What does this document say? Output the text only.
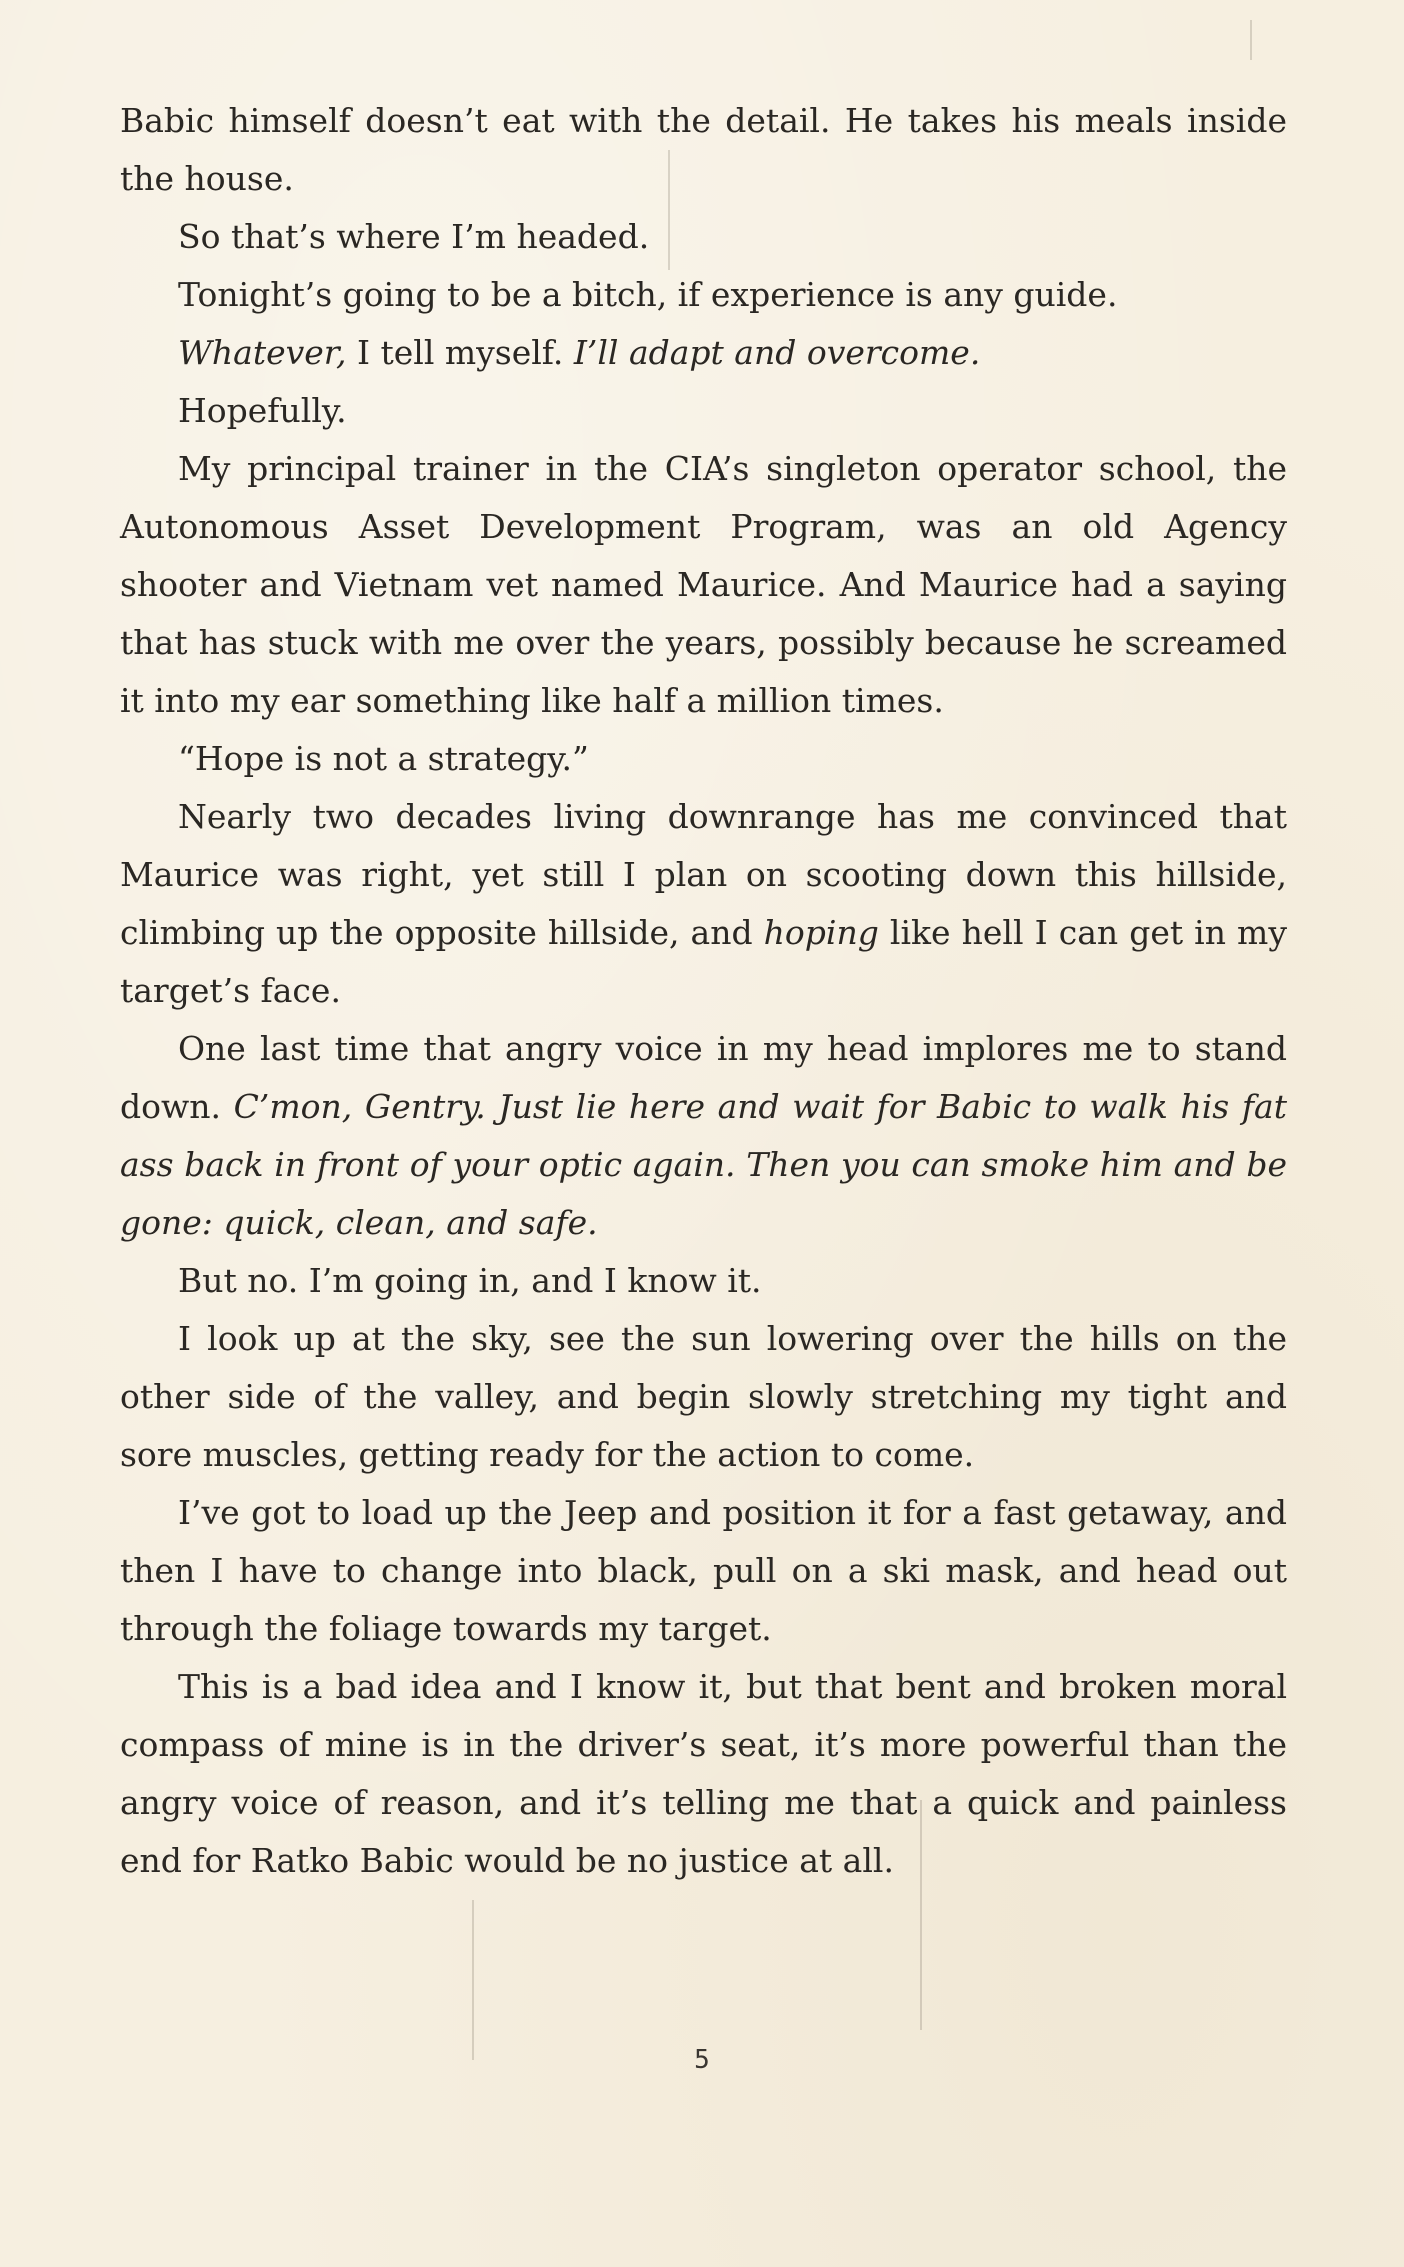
Babic himself doesn’t eat with the detail. He takes his meals inside the house.

So that’s where I’m headed.

Tonight’s going to be a bitch, if experience is any guide.

Whatever, I tell myself. I’ll adapt and overcome.

Hopefully.

My principal trainer in the CIA’s singleton operator school, the Autonomous Asset Development Program, was an old Agency shooter and Vietnam vet named Maurice. And Maurice had a saying that has stuck with me over the years, possibly because he screamed it into my ear something like half a million times.

“Hope is not a strategy.”

Nearly two decades living downrange has me convinced that Maurice was right, yet still I plan on scooting down this hillside, climbing up the opposite hillside, and hoping like hell I can get in my target’s face.

One last time that angry voice in my head implores me to stand down. C’mon, Gentry. Just lie here and wait for Babic to walk his fat ass back in front of your optic again. Then you can smoke him and be gone: quick, clean, and safe.

But no. I’m going in, and I know it.

I look up at the sky, see the sun lowering over the hills on the other side of the valley, and begin slowly stretching my tight and sore muscles, getting ready for the action to come.

I’ve got to load up the Jeep and position it for a fast getaway, and then I have to change into black, pull on a ski mask, and head out through the foliage towards my target.

This is a bad idea and I know it, but that bent and broken moral compass of mine is in the driver’s seat, it’s more powerful than the angry voice of reason, and it’s telling me that a quick and painless end for Ratko Babic would be no justice at all.

5
